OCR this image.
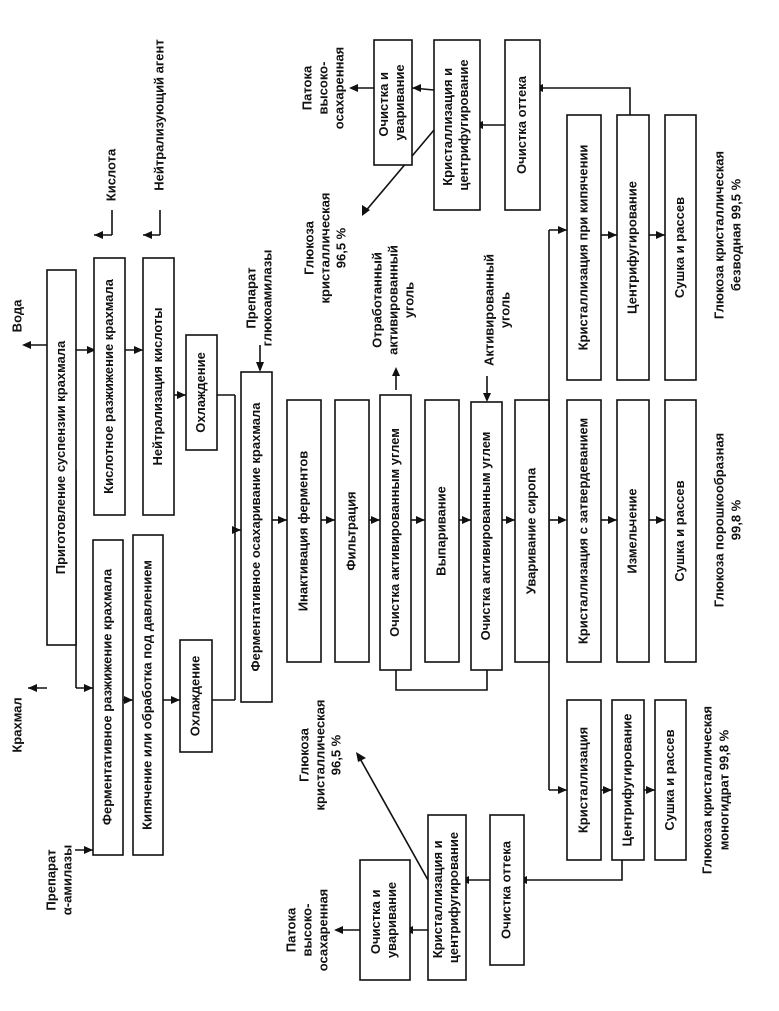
Приготовление суспензии крахмала
Ферментативное разжижение крахмала Кипячение или обработка под давлением	Охлаждение
Кислотное разжижение крахмала	Нейтрализация кислоты Охлаждение
Ферментативное осахаривание крахмала	Инактивация ферментов	Фильтрация Очистка активированным углем Выпаривание Очистка активированным углем Уваривание сиропа	Кристаллизация с затвердеванием	Измельчение	Сушка и рассев
Кристаллизация при кипячении	Центрифугирование	Сушка и рассев
Кристаллизация Центрифугирование Сушка и рассев
Очистка оттека
Кристаллизация и центрифугирование
Очистка и уваривание
Очистка оттека
Кристаллизация и центрифугирование
Очистка и уваривание
Крахмал
Вода
Кислота	Нейтрализующий агент
Препарат α-амилазы
Препарат глюкоамилазы	Отработанный активированный уголь	Активированный уголь	Глюкоза кристаллическая безводная 99,5 %
Глюкоза порошкообразная 99,8 %
Глюкоза кристаллическая моногидрат 99,8 %
Глюкоза кристаллическая 96,5 %
Глюкоза кристаллическая 96,5 %
Патока высоко- осахаренная
Патока высоко- осахаренная
